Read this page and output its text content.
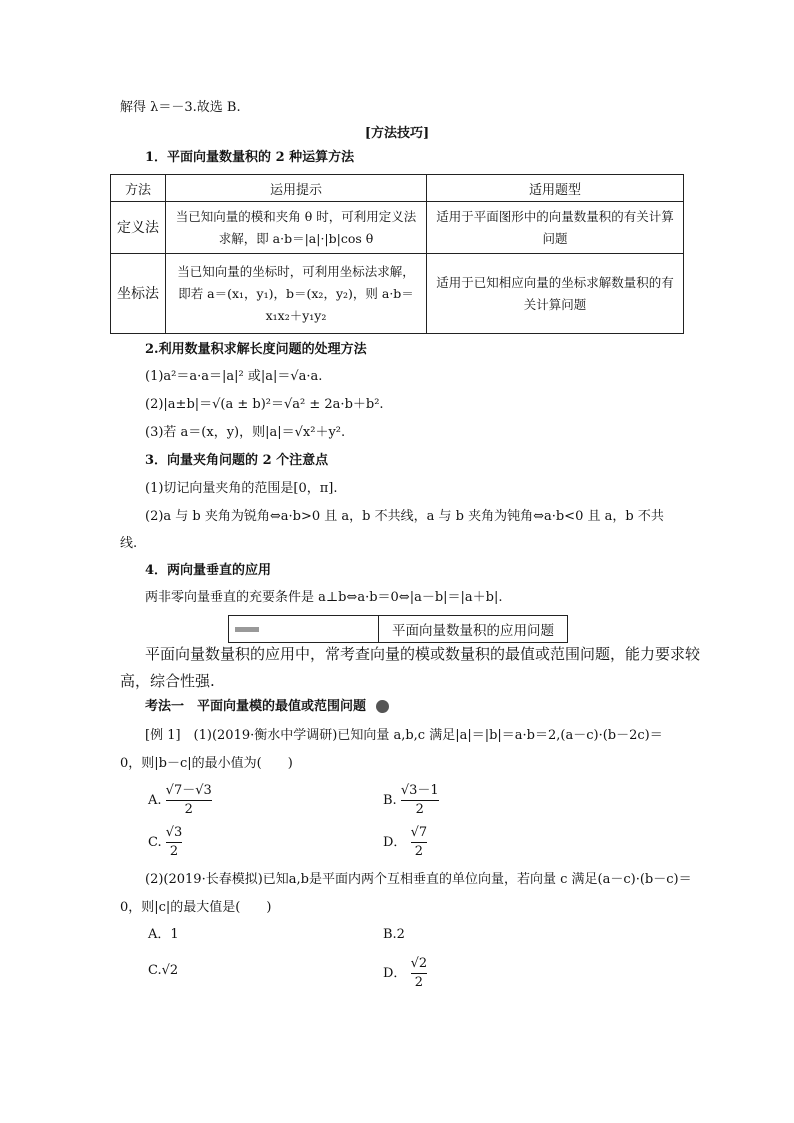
解得 λ＝－3.故选 B.
[方法技巧]
1．平面向量数量积的 2 种运算方法
方法	运用提示	适用题型
定义法	当已知向量的模和夹角 θ 时，可利用定义法求解，即 a·b＝|a|·|b|cos θ	适用于平面图形中的向量数量积的有关计算问题
坐标法	当已知向量的坐标时，可利用坐标法求解，即若 a＝(x₁，y₁)，b＝(x₂，y₂)，则 a·b＝x₁x₂＋y₁y₂	适用于已知相应向量的坐标求解数量积的有关计算问题
2.利用数量积求解长度问题的处理方法
(1)a²＝a·a＝|a|² 或|a|＝√a·a.
(2)|a±b|＝√(a ± b)²＝√a² ± 2a·b＋b².
(3)若 a＝(x，y)，则|a|＝√x²＋y².
3．向量夹角问题的 2 个注意点
(1)切记向量夹角的范围是[0，π].
(2)a 与 b 夹角为锐角⇔a·b>0 且 a，b 不共线，a 与 b 夹角为钝角⇔a·b<0 且 a，b 不共
线.
4．两向量垂直的应用
两非零向量垂直的充要条件是 a⊥b⇔a·b＝0⇔|a－b|＝|a＋b|.
平面向量数量积的应用问题
平面向量数量积的应用中，常考查向量的模或数量积的最值或范围问题，能力要求较
高，综合性强.
考法一　平面向量模的最值或范围问题
[例 1]　(1)(2019·衡水中学调研)已知向量 a,b,c 满足|a|＝|b|＝a·b＝2,(a－c)·(b－2c)＝
0，则|b－c|的最小值为(　　)
A. $\frac{√7-√3}{2}$	B. $\frac{√3-1}{2}$
C. $\frac{√3}{2}$	D． $\frac{√7}{2}$
(2)(2019·长春模拟)已知a,b是平面内两个互相垂直的单位向量，若向量 c 满足(a－c)·(b－c)＝
0，则|c|的最大值是(　　)
A．1	B.2
C.√2	D． $\frac{√2}{2}$
